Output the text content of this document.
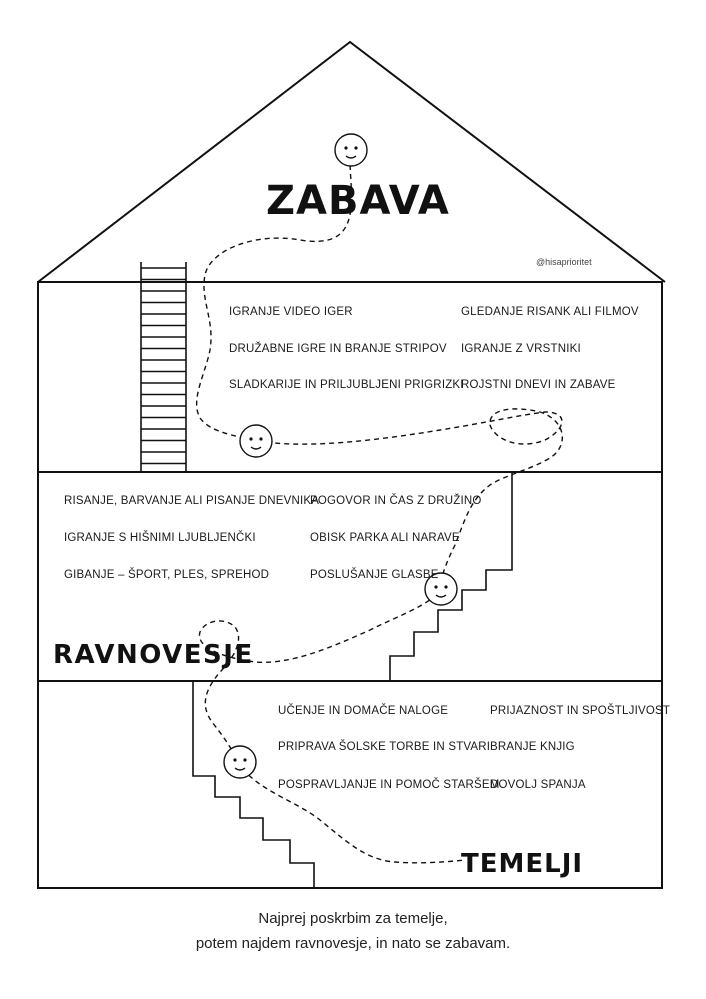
ZABAVA
@hisaprioritet
IGRANJE VIDEO IGER
DRUŽABNE IGRE IN BRANJE STRIPOV
SLADKARIJE IN PRILJUBLJENI PRIGRIZKI
GLEDANJE RISANK ALI FILMOV
IGRANJE Z VRSTNIKI
ROJSTNI DNEVI IN ZABAVE
RISANJE, BARVANJE ALI PISANJE DNEVNIKA
IGRANJE S HIŠNIMI LJUBLJENČKI
GIBANJE – ŠPORT, PLES, SPREHOD
POGOVOR IN ČAS Z DRUŽINO
OBISK PARKA ALI NARAVE
POSLUŠANJE GLASBE
RAVNOVESJE
UČENJE IN DOMAČE NALOGE
PRIPRAVA ŠOLSKE TORBE IN STVARI
POSPRAVLJANJE IN POMOČ STARŠEM
PRIJAZNOST IN SPOŠTLJIVOST
BRANJE KNJIG
DOVOLJ SPANJA
TEMELJI
Najprej poskrbim za temelje,
potem najdem ravnovesje, in nato se zabavam.
